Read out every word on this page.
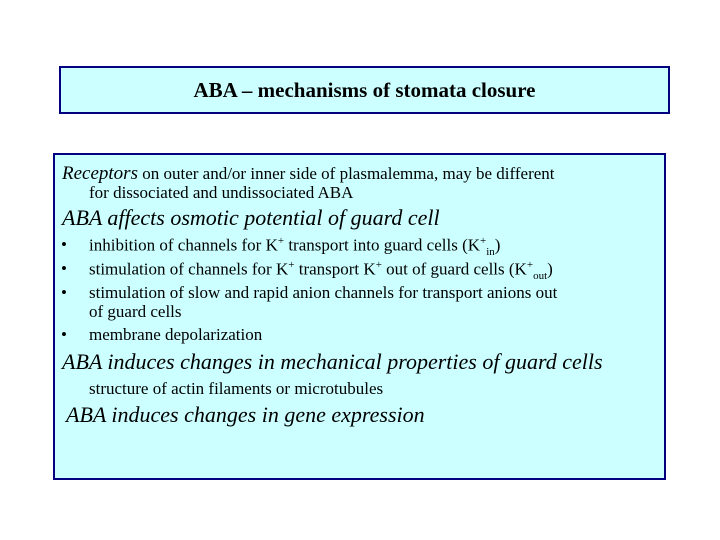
ABA – mechanisms of stomata closure
Receptors on outer and/or inner side of plasmalemma, may be different
for dissociated and undissociated ABA
ABA affects osmotic potential of guard cell
• inhibition of channels for K+ transport into guard cells $(K^+_{in})$
• stimulation of channels for K+ transport K+ out of guard cells $(K^+_{out})$
• stimulation of slow and rapid anion channels for transport anions out
of guard cells
• membrane depolarization
ABA induces changes in mechanical properties of guard cells
structure of actin filaments or microtubules
ABA induces changes in gene expression
